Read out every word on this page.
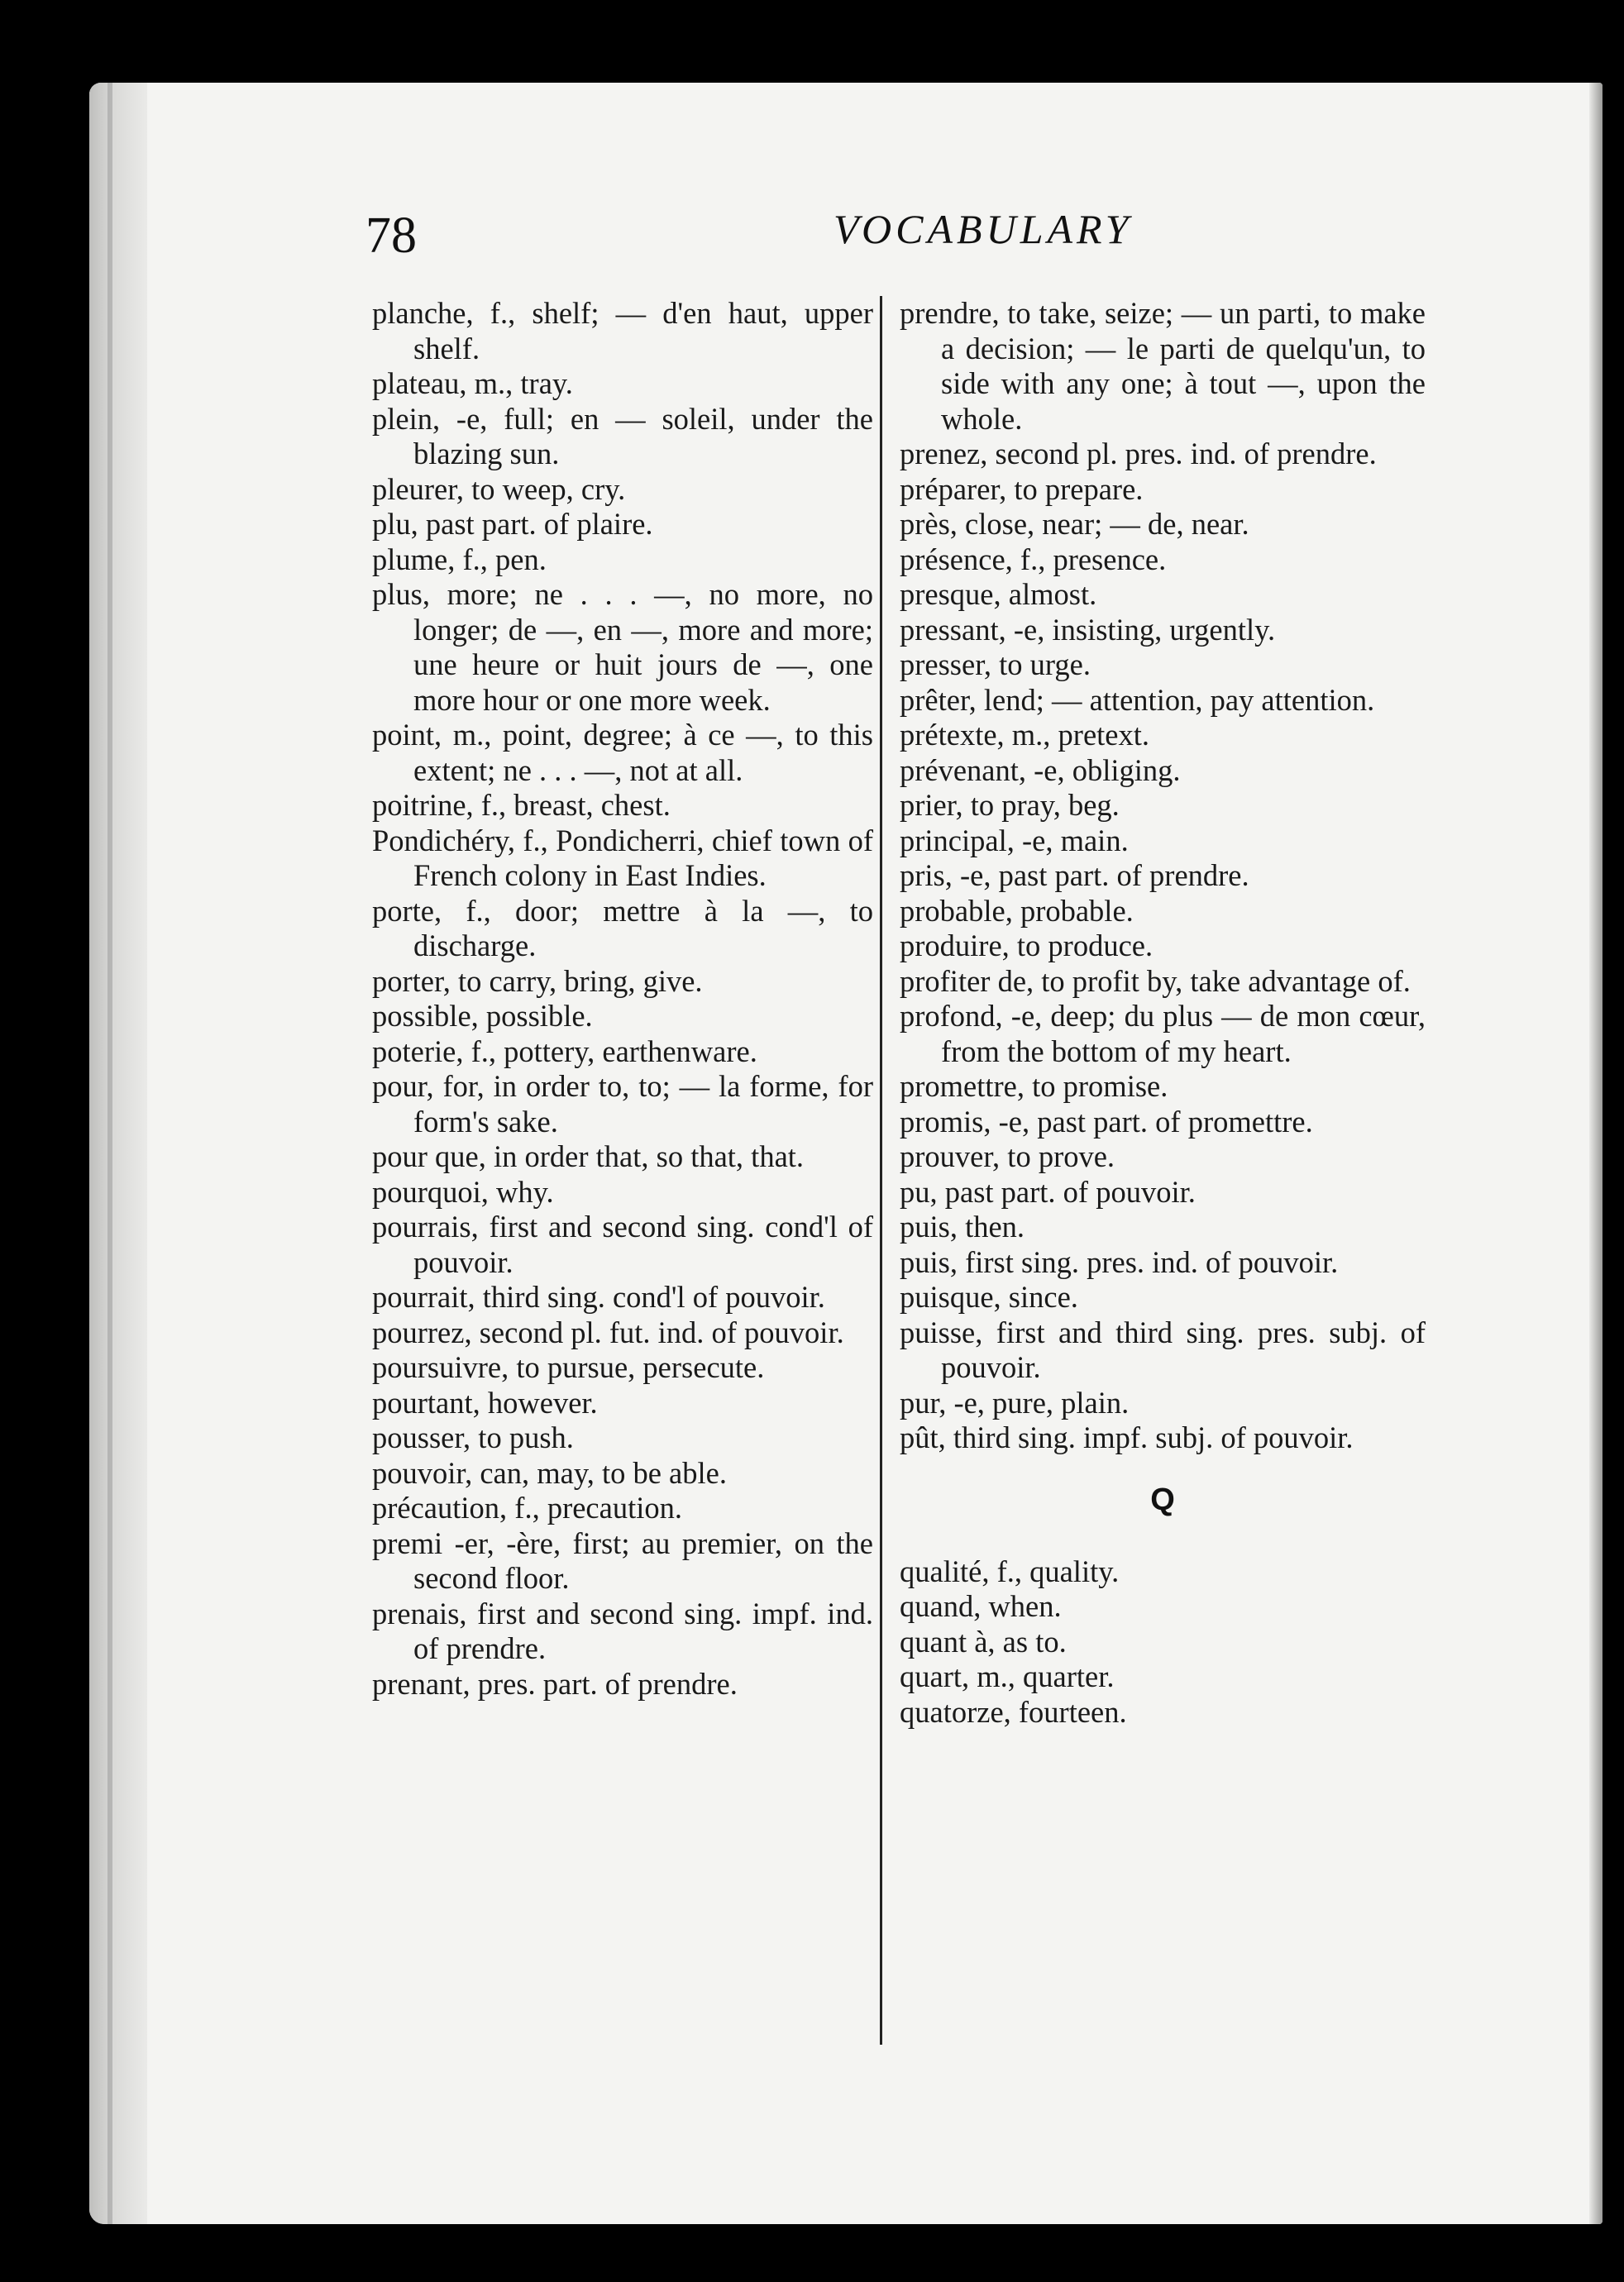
78	VOCABULARY

planche, f., shelf; — d'en haut, upper shelf.

plateau, m., tray.

plein, -e, full; en — soleil, under the blazing sun.

pleurer, to weep, cry.

plu, past part. of plaire.

plume, f., pen.

plus, more; ne . . . —, no more, no longer; de —, en —, more and more; une heure or huit jours de —, one more hour or one more week.

point, m., point, degree; à ce —, to this extent; ne . . . —, not at all.

poitrine, f., breast, chest.

Pondichéry, f., Pondicherri, chief town of French colony in East Indies.

porte, f., door; mettre à la —, to discharge.

porter, to carry, bring, give.

possible, possible.

poterie, f., pottery, earthenware.

pour, for, in order to, to; — la forme, for form's sake.

pour que, in order that, so that, that.

pourquoi, why.

pourrais, first and second sing. cond'l of pouvoir.

pourrait, third sing. cond'l of pouvoir.

pourrez, second pl. fut. ind. of pouvoir.

poursuivre, to pursue, persecute.

pourtant, however.

pousser, to push.

pouvoir, can, may, to be able.

précaution, f., precaution.

premi -er, -ère, first; au premier, on the second floor.

prenais, first and second sing. impf. ind. of prendre.

prenant, pres. part. of prendre.

prendre, to take, seize; — un parti, to make a decision; — le parti de quelqu'un, to side with any one; à tout —, upon the whole.

prenez, second pl. pres. ind. of prendre.

préparer, to prepare.

près, close, near; — de, near.

présence, f., presence.

presque, almost.

pressant, -e, insisting, urgently.

presser, to urge.

prêter, lend; — attention, pay attention.

prétexte, m., pretext.

prévenant, -e, obliging.

prier, to pray, beg.

principal, -e, main.

pris, -e, past part. of prendre.

probable, probable.

produire, to produce.

profiter de, to profit by, take advantage of.

profond, -e, deep; du plus — de mon cœur, from the bottom of my heart.

promettre, to promise.

promis, -e, past part. of promettre.

prouver, to prove.

pu, past part. of pouvoir.

puis, then.

puis, first sing. pres. ind. of pouvoir.

puisque, since.

puisse, first and third sing. pres. subj. of pouvoir.

pur, -e, pure, plain.

pût, third sing. impf. subj. of pouvoir.

Q

qualité, f., quality.

quand, when.

quant à, as to.

quart, m., quarter.

quatorze, fourteen.
